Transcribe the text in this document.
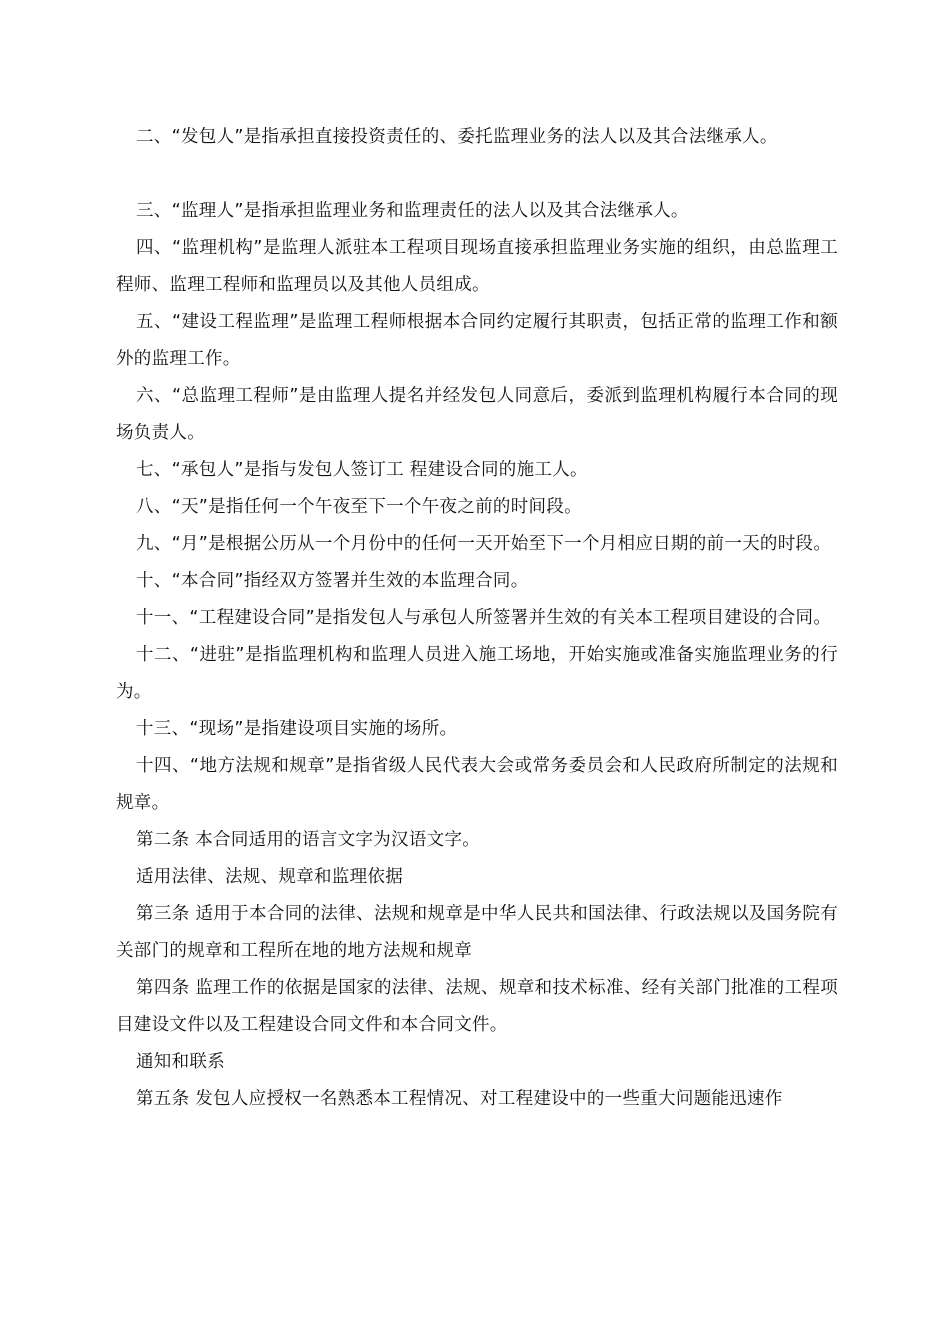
二、“发包人”是指承担直接投资责任的、委托监理业务的法人以及其合法继承人。

三、“监理人”是指承担监理业务和监理责任的法人以及其合法继承人。

四、“监理机构”是监理人派驻本工程项目现场直接承担监理业务实施的组织，由总监理工程师、监理工程师和监理员以及其他人员组成。

五、“建设工程监理”是监理工程师根据本合同约定履行其职责，包括正常的监理工作和额外的监理工作。

六、“总监理工程师”是由监理人提名并经发包人同意后，委派到监理机构履行本合同的现场负责人。

七、“承包人”是指与发包人签订工 程建设合同的施工人。

八、“天”是指任何一个午夜至下一个午夜之前的时间段。

九、“月”是根据公历从一个月份中的任何一天开始至下一个月相应日期的前一天的时段。

十、“本合同”指经双方签署并生效的本监理合同。

十一、“工程建设合同”是指发包人与承包人所签署并生效的有关本工程项目建设的合同。

十二、“进驻”是指监理机构和监理人员进入施工场地，开始实施或准备实施监理业务的行为。

十三、“现场”是指建设项目实施的场所。

十四、“地方法规和规章”是指省级人民代表大会或常务委员会和人民政府所制定的法规和规章。

第二条 本合同适用的语言文字为汉语文字。

适用法律、法规、规章和监理依据

第三条 适用于本合同的法律、法规和规章是中华人民共和国法律、行政法规以及国务院有关部门的规章和工程所在地的地方法规和规章

第四条 监理工作的依据是国家的法律、法规、规章和技术标准、经有关部门批准的工程项目建设文件以及工程建设合同文件和本合同文件。

通知和联系

第五条 发包人应授权一名熟悉本工程情况、对工程建设中的一些重大问题能迅速作
